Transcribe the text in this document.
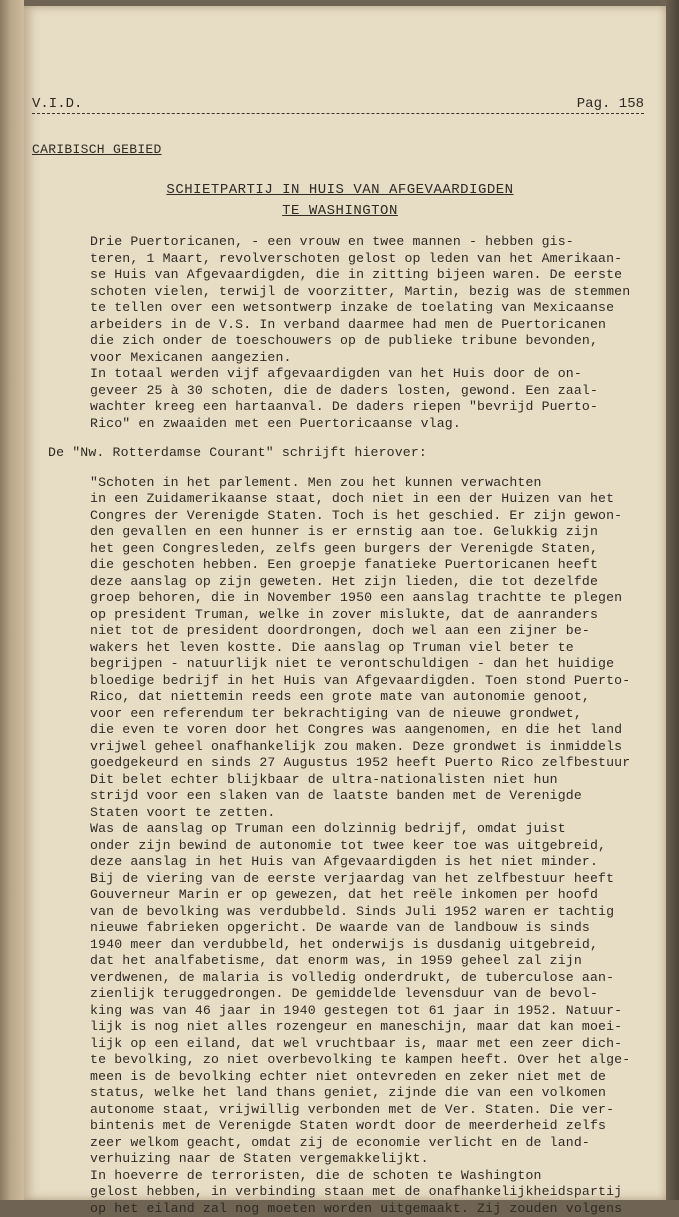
V.I.D.	Pag. 158
CARIBISCH GEBIED
SCHIETPARTIJ IN HUIS VAN AFGEVAARDIGDEN
TE WASHINGTON
Drie Puertoricanen, - een vrouw en twee mannen - hebben gis-
teren, 1 Maart, revolverschoten gelost op leden van het Amerikaan-
se Huis van Afgevaardigden, die in zitting bijeen waren. De eerste
schoten vielen, terwijl de voorzitter, Martin, bezig was de stemmen
te tellen over een wetsontwerp inzake de toelating van Mexicaanse
arbeiders in de V.S. In verband daarmee had men de Puertoricanen
die zich onder de toeschouwers op de publieke tribune bevonden,
voor Mexicanen aangezien.
In totaal werden vijf afgevaardigden van het Huis door de on-
geveer 25 à 30 schoten, die de daders losten, gewond. Een zaal-
wachter kreeg een hartaanval. De daders riepen "bevrijd Puerto-
Rico" en zwaaiden met een Puertoricaanse vlag.
De "Nw. Rotterdamse Courant" schrijft hierover:
"Schoten in het parlement. Men zou het kunnen verwachten
in een Zuidamerikaanse staat, doch niet in een der Huizen van het
Congres der Verenigde Staten. Toch is het geschied. Er zijn gewon-
den gevallen en een hunner is er ernstig aan toe. Gelukkig zijn
het geen Congresleden, zelfs geen burgers der Verenigde Staten,
die geschoten hebben. Een groepje fanatieke Puertoricanen heeft
deze aanslag op zijn geweten. Het zijn lieden, die tot dezelfde
groep behoren, die in November 1950 een aanslag trachtte te plegen
op president Truman, welke in zover mislukte, dat de aanranders
niet tot de president doordrongen, doch wel aan een zijner be-
wakers het leven kostte. Die aanslag op Truman viel beter te
begrijpen - natuurlijk niet te verontschuldigen - dan het huidige
bloedige bedrijf in het Huis van Afgevaardigden. Toen stond Puerto-
Rico, dat niettemin reeds een grote mate van autonomie genoot,
voor een referendum ter bekrachtiging van de nieuwe grondwet,
die even te voren door het Congres was aangenomen, en die het land
vrijwel geheel onafhankelijk zou maken. Deze grondwet is inmiddels
goedgekeurd en sinds 27 Augustus 1952 heeft Puerto Rico zelfbestuur
Dit belet echter blijkbaar de ultra-nationalisten niet hun
strijd voor een slaken van de laatste banden met de Verenigde
Staten voort te zetten.
Was de aanslag op Truman een dolzinnig bedrijf, omdat juist
onder zijn bewind de autonomie tot twee keer toe was uitgebreid,
deze aanslag in het Huis van Afgevaardigden is het niet minder.
Bij de viering van de eerste verjaardag van het zelfbestuur heeft
Gouverneur Marin er op gewezen, dat het reële inkomen per hoofd
van de bevolking was verdubbeld. Sinds Juli 1952 waren er tachtig
nieuwe fabrieken opgericht. De waarde van de landbouw is sinds
1940 meer dan verdubbeld, het onderwijs is dusdanig uitgebreid,
dat het analfabetisme, dat enorm was, in 1959 geheel zal zijn
verdwenen, de malaria is volledig onderdrukt, de tuberculose aan-
zienlijk teruggedrongen. De gemiddelde levensduur van de bevol-
king was van 46 jaar in 1940 gestegen tot 61 jaar in 1952. Natuur-
lijk is nog niet alles rozengeur en maneschijn, maar dat kan moei-
lijk op een eiland, dat wel vruchtbaar is, maar met een zeer dich-
te bevolking, zo niet overbevolking te kampen heeft. Over het alge-
meen is de bevolking echter niet ontevreden en zeker niet met de
status, welke het land thans geniet, zijnde die van een volkomen
autonome staat, vrijwillig verbonden met de Ver. Staten. Die ver-
bintenis met de Verenigde Staten wordt door de meerderheid zelfs
zeer welkom geacht, omdat zij de economie verlicht en de land-
verhuizing naar de Staten vergemakkelijkt.
In hoeverre de terroristen, die de schoten te Washington
gelost hebben, in verbinding staan met de onafhankelijkheidspartij
op het eiland zal nog moeten worden uitgemaakt. Zij zouden volgens
